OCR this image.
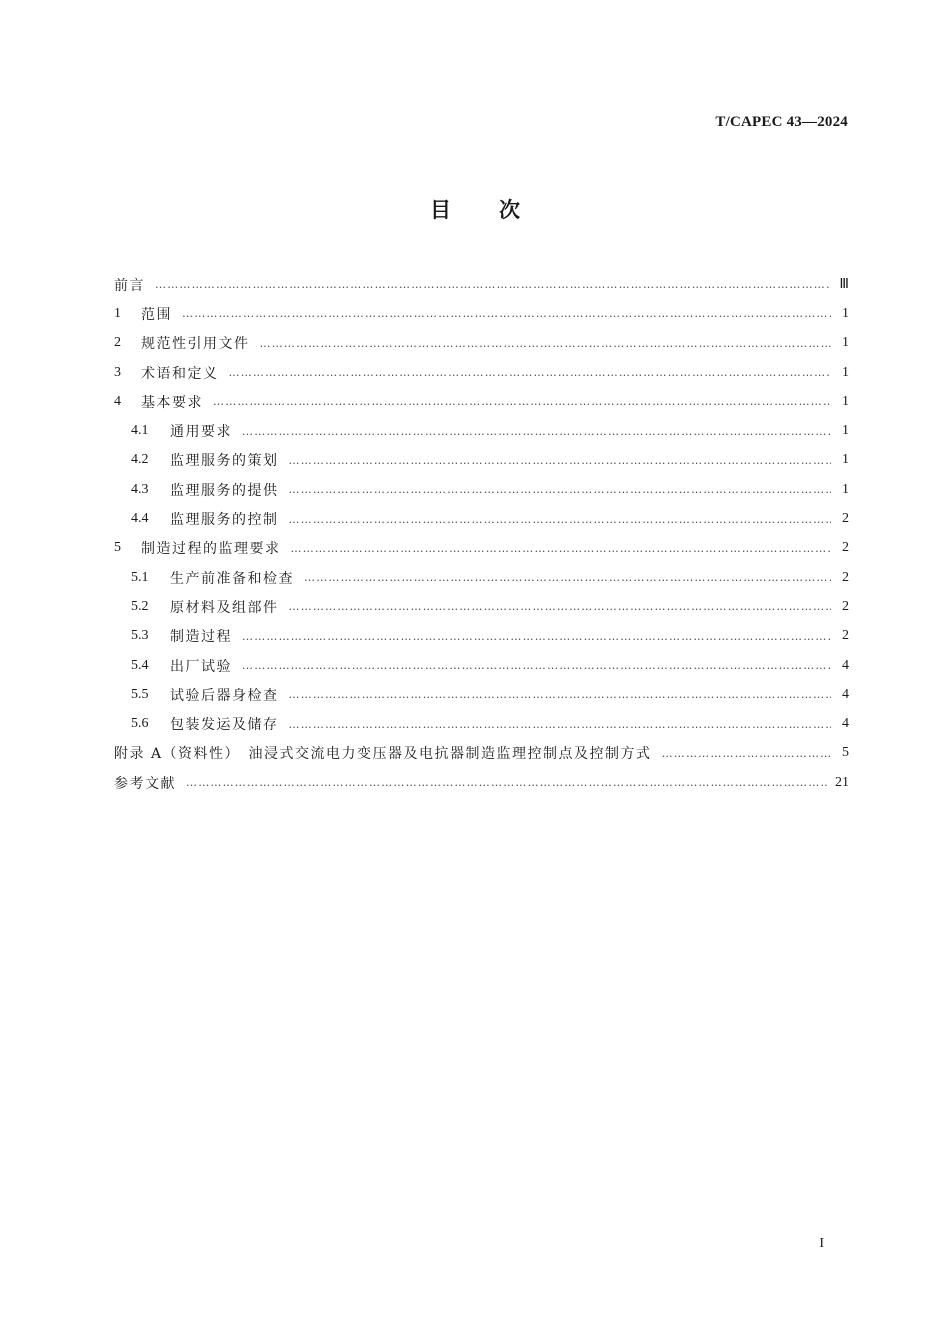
T/CAPEC 43—2024
目次
前言 …………………………………………………………………………………………………………………………………………………………………………………………………………………………………	Ⅲ
1	范围 …………………………………………………………………………………………………………………………………………………………………………………………………………………………………	1
2	规范性引用文件 …………………………………………………………………………………………………………………………………………………………………………………………………………………………………	1
3	术语和定义 …………………………………………………………………………………………………………………………………………………………………………………………………………………………………	1
4	基本要求 …………………………………………………………………………………………………………………………………………………………………………………………………………………………………	1
4.1	通用要求 …………………………………………………………………………………………………………………………………………………………………………………………………………………………………	1
4.2	监理服务的策划 …………………………………………………………………………………………………………………………………………………………………………………………………………………………………	1
4.3	监理服务的提供 …………………………………………………………………………………………………………………………………………………………………………………………………………………………………	1
4.4	监理服务的控制 …………………………………………………………………………………………………………………………………………………………………………………………………………………………………	2
5	制造过程的监理要求 …………………………………………………………………………………………………………………………………………………………………………………………………………………………………	2
5.1	生产前准备和检查 …………………………………………………………………………………………………………………………………………………………………………………………………………………………………	2
5.2	原材料及组部件 …………………………………………………………………………………………………………………………………………………………………………………………………………………………………	2
5.3	制造过程 …………………………………………………………………………………………………………………………………………………………………………………………………………………………………	2
5.4	出厂试验 …………………………………………………………………………………………………………………………………………………………………………………………………………………………………	4
5.5	试验后器身检查 …………………………………………………………………………………………………………………………………………………………………………………………………………………………………	4
5.6	包装发运及储存 …………………………………………………………………………………………………………………………………………………………………………………………………………………………………	4
附录 A（资料性）　油浸式交流电力变压器及电抗器制造监理控制点及控制方式 …………………………………………………………………………………………………………………………………………………………………………………………………………………………………	5
参考文献 …………………………………………………………………………………………………………………………………………………………………………………………………………………………………	21
I
